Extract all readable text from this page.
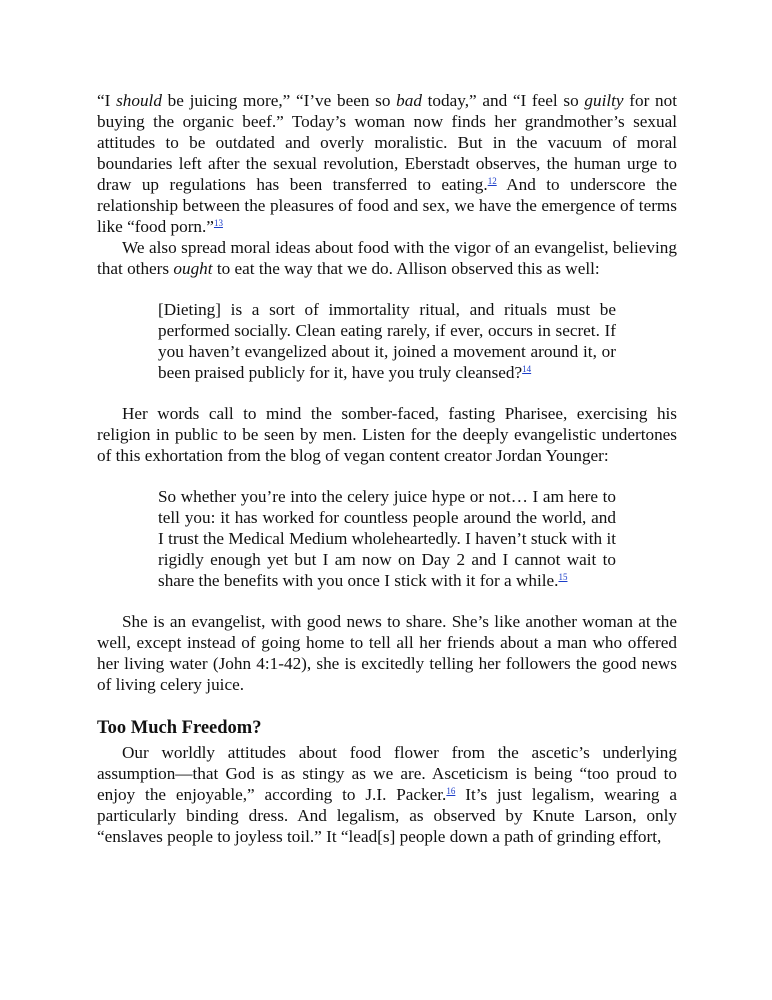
“I should be juicing more,” “I’ve been so bad today,” and “I feel so guilty for not buying the organic beef.” Today’s woman now finds her grandmother’s sexual attitudes to be outdated and overly moralistic. But in the vacuum of moral boundaries left after the sexual revolution, Eberstadt observes, the human urge to draw up regulations has been transferred to eating.$^{12}$ And to underscore the relationship between the pleasures of food and sex, we have the emergence of terms like “food porn.”$^{13}$

We also spread moral ideas about food with the vigor of an evangelist, believing that others ought to eat the way that we do. Allison observed this as well:

[Dieting] is a sort of immortality ritual, and rituals must be performed socially. Clean eating rarely, if ever, occurs in secret. If you haven’t evangelized about it, joined a movement around it, or been praised publicly for it, have you truly cleansed?$^{14}$

Her words call to mind the somber-faced, fasting Pharisee, exercising his religion in public to be seen by men. Listen for the deeply evangelistic undertones of this exhortation from the blog of vegan content creator Jordan Younger:

So whether you’re into the celery juice hype or not… I am here to tell you: it has worked for countless people around the world, and I trust the Medical Medium wholeheartedly. I haven’t stuck with it rigidly enough yet but I am now on Day 2 and I cannot wait to share the benefits with you once I stick with it for a while.$^{15}$

She is an evangelist, with good news to share. She’s like another woman at the well, except instead of going home to tell all her friends about a man who offered her living water (John 4:1-42), she is excitedly telling her followers the good news of living celery juice.

Too Much Freedom?

Our worldly attitudes about food flower from the ascetic’s underlying assumption—that God is as stingy as we are. Asceticism is being “too proud to enjoy the enjoyable,” according to J.I. Packer.$^{16}$ It’s just legalism, wearing a particularly binding dress. And legalism, as observed by Knute Larson, only “enslaves people to joyless toil.” It “lead[s] people down a path of grinding effort,
